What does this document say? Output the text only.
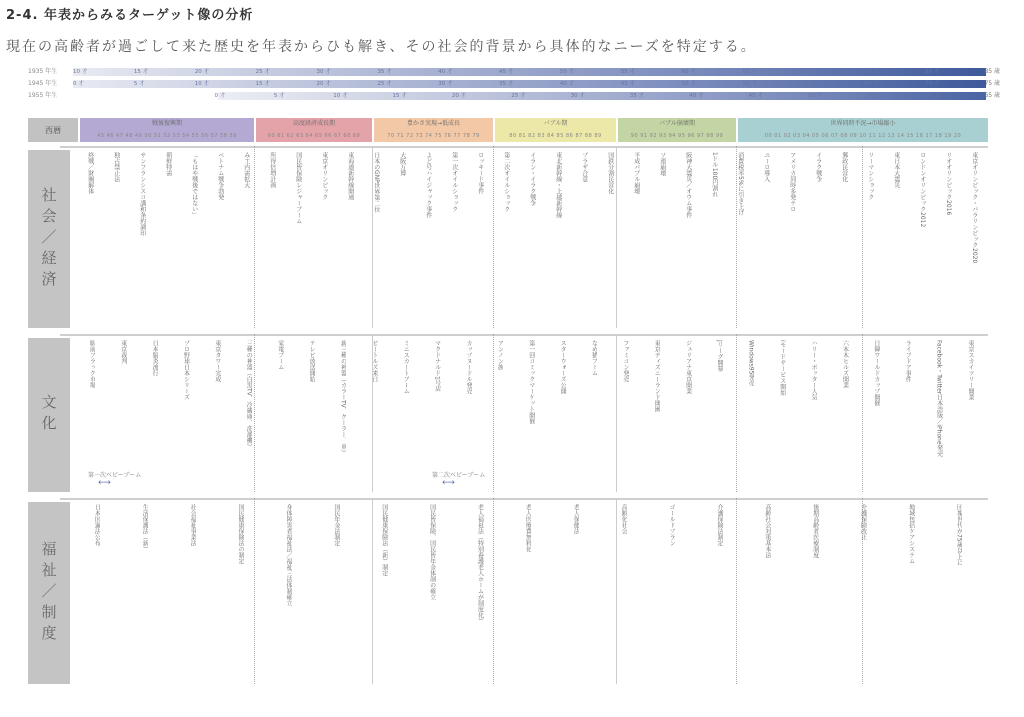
2-4. 年表からみるターゲット像の分析
現在の高齢者が過ごして来た歴史を年表からひも解き、その社会的背景から具体的なニーズを特定する。
1935 年生	10 才	15 才	20 才	25 才	30 才	35 才	40 才	45 才	50 才	55 才	60 才	65 才	70 才	75 才	80 才	85 歳
1945 年生	0 才	5 才	10 才	15 才	20 才	25 才	30 才	35 才	40 才	45 才	50 才	55 才	60 才	65 才	70 才	75 歳
1955 年生	0 才	5 才	10 才	15 才	20 才	25 才	30 才	35 才	40 才	45 才	50 才	55 才	60 才	65 歳
西暦
戦後復興期
45 46 47 48 49 50 51 52 53 54 55 56 57 58 59
高度経済成長期
60 61 62 63 64 65 66 67 68 69
豊かさ実現→低成長
70 71 72 73 74 75 76 77 78 79
バブル期
80 81 82 83 84 85 86 87 88 89
バブル崩壊期
90 91 92 93 94 95 96 97 98 99
世界同時不況→市場縮小
00 01 02 03 04 05 06 07 08 09 10 11 12 13 14 15 16 17 18 19 20
社会／経済
終戦／財閥解体	独占禁止法	サンフランシスコ講和条約調印	朝鮮特需	「もはや戦後ではない」	ベトナム戦争勃発	み工内需拡大	所得倍増計画	国民皆保険レジャーブーム	東京オリンピック	東海道新幹線開通	日本のGNP世界第二位	大阪万博	よど号ハイジャック事件	第一次オイルショック	ロッキード事件	第二次オイルショック	イラン・イラク戦争	東北新幹線・上越新幹線	プラザ合意	国鉄分割民営化	平成バブル崩壊	ソ連崩壊	阪神大震災／オウム事件	1ドル100円割れ	消費税率5%に引き上げ	ユーロ導入	アメリカ同時多発テロ	イラク戦争	郵政民営化	リーマンショック	東日本大震災	ロンドンオリンピック2012	リオオリンピック2016	東京オリンピック・パラリンピック2020
文化
駅前ブラック市場	東京裁判	日本脳炎流行	プロ野球日本シリーズ	東京タワー完成	三種の神器（白黒TV、冷蔵庫、洗濯機）	家電ブーム	テレビ放送開始	新三種の神器（カラーTV、クーラー、車）	ビートルズ来日	ミニスカートブーム	マクドナルド1号店	カップヌードル発売	アンノン族	第一回コミックマーケット開催	スターウォーズ公開	なめ猫ブーム	ファミコン発売	東京ディズニーランド開園	ジュリアナ東京開業	Jリーグ開幕	Windows95発売	iモードサービス開始	ハリー・ポッター人気	六本木ヒルズ開業	日韓ワールドカップ開催	ライブドア事件	Facebook・Twitter日本語版／iPhone発売	東京スカイツリー開業
第一次ベビーブーム
⟷
第二次ベビーブーム
⟷
福祉／制度
日本国憲法公布	生活保護法（新）	社会福祉事業法	国民健康保険法の制定	身体障害者福祉法／福祉三法体制確立	国民年金法制定	国民健康保険法（新）制定	国民皆保険、国民皆年金体制の確立	老人福祉法（特別養護老人ホームが制度化）	老人医療費無料化	老人保健法	高齢化社会	ゴールドプラン	介護保険法制定	高齢社会対策基本法	後期高齢者医療制度	介護保険改正	地域包括ケアシステム	団塊世代が75歳以上に
